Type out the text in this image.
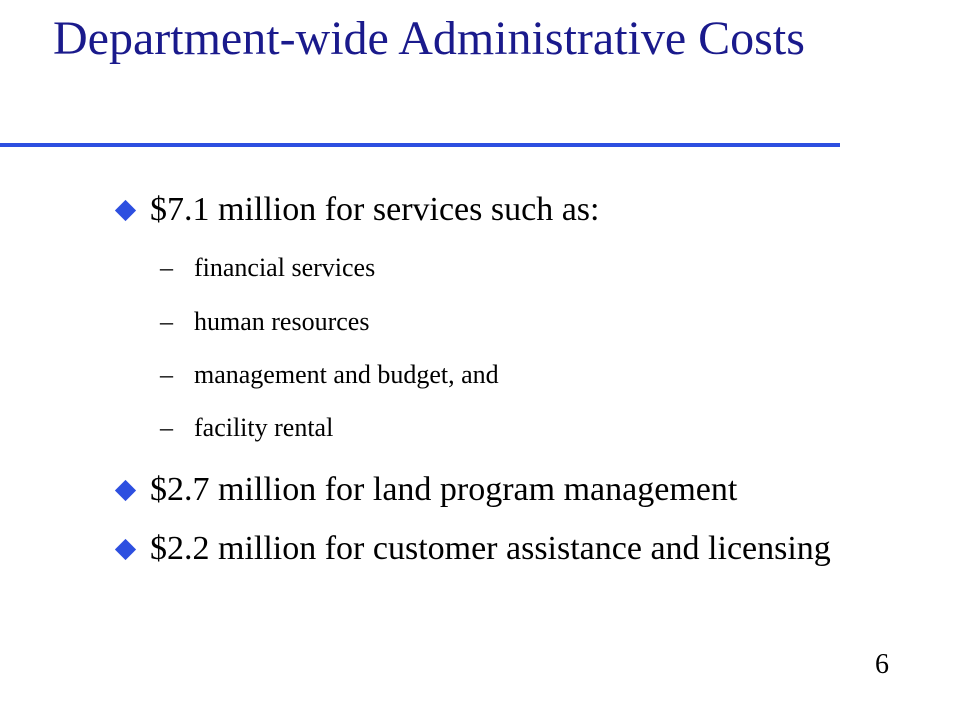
Department-wide Administrative Costs
$7.1 million for services such as:
– financial services
– human resources
– management and budget, and
– facility rental
$2.7 million for land program management
$2.2 million for customer assistance and licensing
6
